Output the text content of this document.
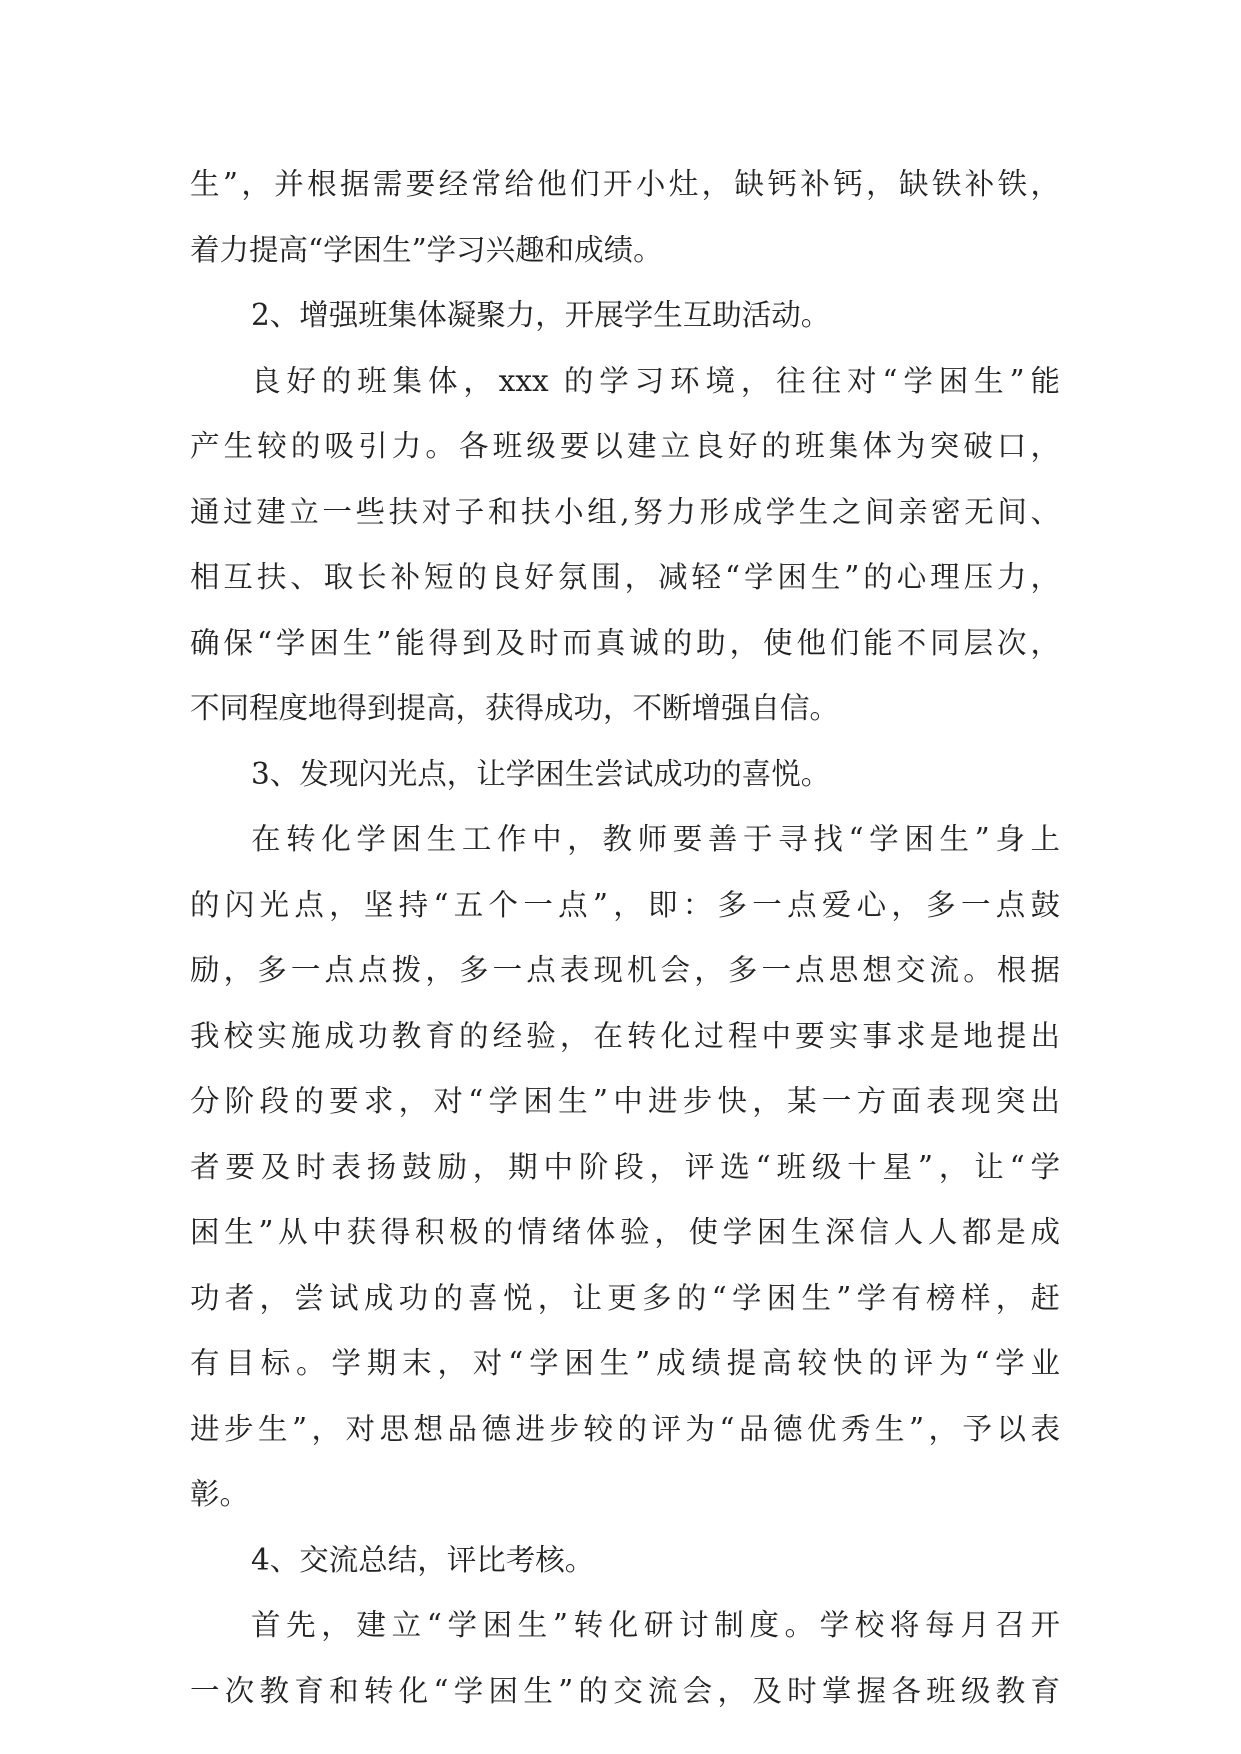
生”，并根据需要经常给他们开小灶，缺钙补钙，缺铁补铁，
着力提高“学困生”学习兴趣和成绩。
2、增强班集体凝聚力，开展学生互助活动。
良好的班集体，xxx 的学习环境，往往对“学困生”能
产生较的吸引力。各班级要以建立良好的班集体为突破口，
通过建立一些扶对子和扶小组,努力形成学生之间亲密无间、
相互扶、取长补短的良好氛围，减轻“学困生”的心理压力，
确保“学困生”能得到及时而真诚的助，使他们能不同层次，
不同程度地得到提高，获得成功，不断增强自信。
3、发现闪光点，让学困生尝试成功的喜悦。
在转化学困生工作中，教师要善于寻找“学困生”身上
的闪光点，坚持“五个一点”，即：多一点爱心，多一点鼓
励，多一点点拨，多一点表现机会，多一点思想交流。根据
我校实施成功教育的经验，在转化过程中要实事求是地提出
分阶段的要求，对“学困生”中进步快，某一方面表现突出
者要及时表扬鼓励，期中阶段，评选“班级十星”，让“学
困生”从中获得积极的情绪体验，使学困生深信人人都是成
功者，尝试成功的喜悦，让更多的“学困生”学有榜样，赶
有目标。学期末，对“学困生”成绩提高较快的评为“学业
进步生”，对思想品德进步较的评为“品德优秀生”，予以表
彰。
4、交流总结，评比考核。
首先，建立“学困生”转化研讨制度。学校将每月召开
一次教育和转化“学困生”的交流会，及时掌握各班级教育
